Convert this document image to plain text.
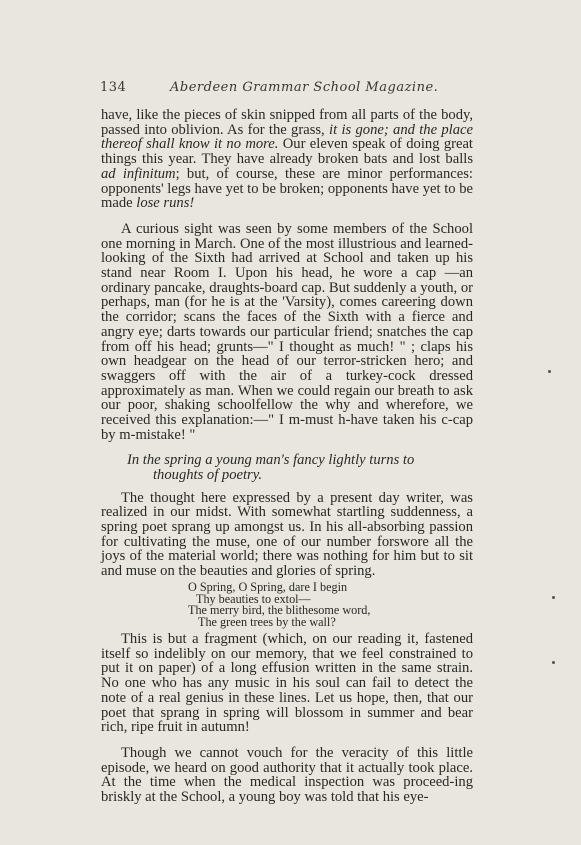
134	Aberdeen Grammar School Magazine.

have, like the pieces of skin snipped from all parts of the body, passed into oblivion. As for the grass, it is gone; and the place thereof shall know it no more. Our eleven speak of doing great things this year. They have already broken bats and lost balls ad infinitum; but, of course, these are minor performances: opponents' legs have yet to be broken; opponents have yet to be made lose runs!

A curious sight was seen by some members of the School one morning in March. One of the most illustrious and learned-looking of the Sixth had arrived at School and taken up his stand near Room I. Upon his head, he wore a cap —an ordinary pancake, draughts-board cap. But suddenly a youth, or perhaps, man (for he is at the 'Varsity), comes careering down the corridor; scans the faces of the Sixth with a fierce and angry eye; darts towards our particular friend; snatches the cap from off his head; grunts—" I thought as much! " ; claps his own headgear on the head of our terror-stricken hero; and swaggers off with the air of a turkey-cock dressed approximately as man. When we could regain our breath to ask our poor, shaking schoolfellow the why and wherefore, we received this explanation:—" I m-must h-have taken his c-cap by m-mistake! "

In the spring a young man's fancy lightly turns to
thoughts of poetry.

The thought here expressed by a present day writer, was realized in our midst. With somewhat startling suddenness, a spring poet sprang up amongst us. In his all-absorbing passion for cultivating the muse, one of our number forswore all the joys of the material world; there was nothing for him but to sit and muse on the beauties and glories of spring.

O Spring, O Spring, dare I begin
Thy beauties to extol—
The merry bird, the blithesome word,
The green trees by the wall?

This is but a fragment (which, on our reading it, fastened itself so indelibly on our memory, that we feel constrained to put it on paper) of a long effusion written in the same strain. No one who has any music in his soul can fail to detect the note of a real genius in these lines. Let us hope, then, that our poet that sprang in spring will blossom in summer and bear rich, ripe fruit in autumn!

Though we cannot vouch for the veracity of this little episode, we heard on good authority that it actually took place. At the time when the medical inspection was proceed-ing briskly at the School, a young boy was told that his eye-
